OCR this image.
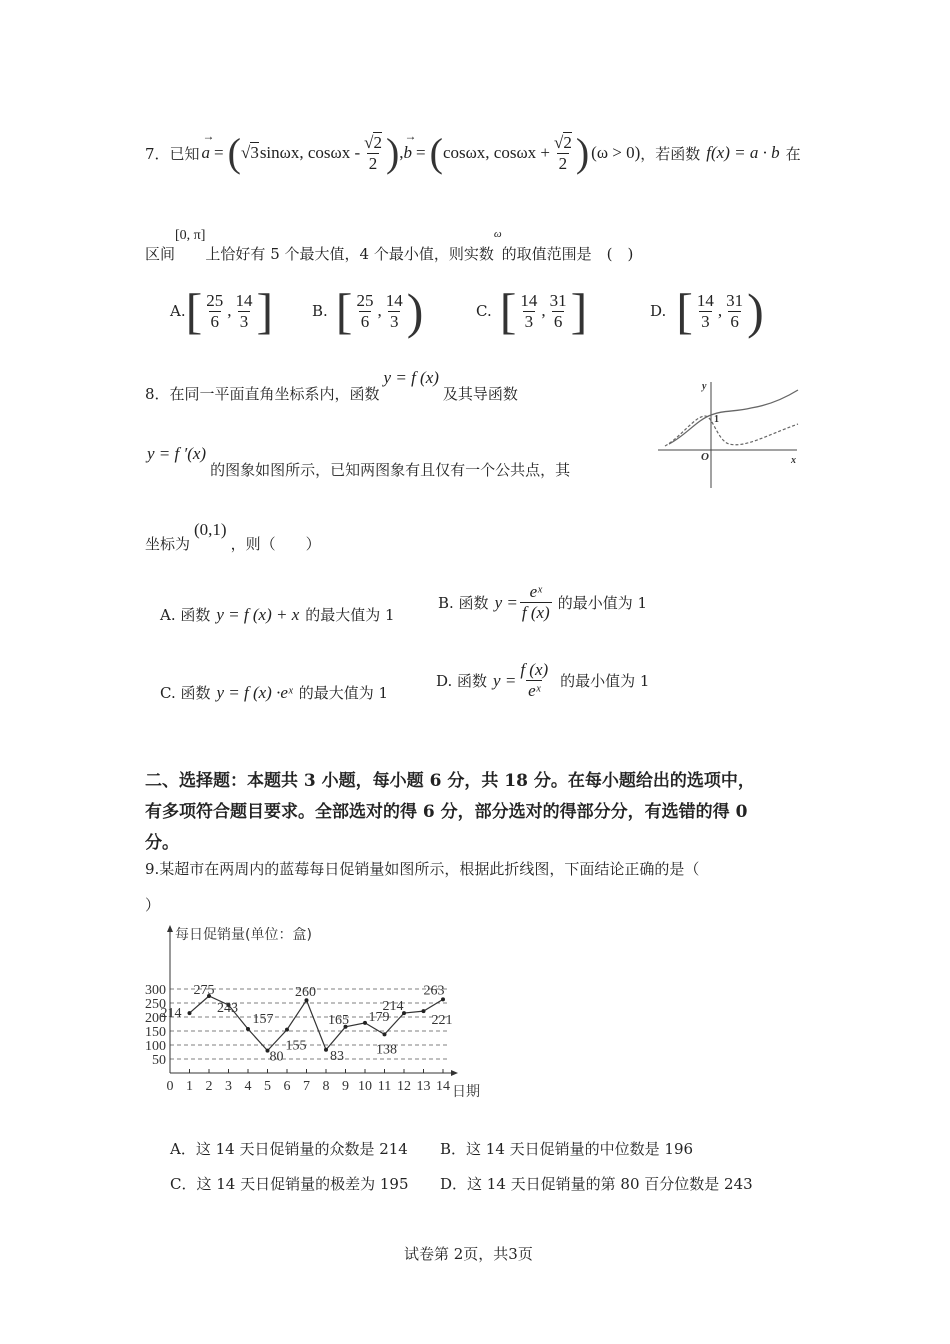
7．已知
→
a = ( √3 sinωx, cosωx - $\frac{√2}{2}$ ) ,
→
b = ( cosωx, $\cos\omega x + \frac{√2}{2}$ ) (ω > 0) ，若函数 f(x) = a · b 在
区间
[0, π]
上恰好有 5 个最大值，4 个最小值，则实数
ω
的取值范围是　(　)
A. [ $\frac{25}{6}$ , $\frac{14}{3}$ ]	B. [ $\frac{25}{6}$ , $\frac{14}{3}$ )	C. [ $\frac{14}{3}$ , $\frac{31}{6}$ ]	D. [ $\frac{14}{3}$ , $\frac{31}{6}$ )
8．在同一平面直角坐标系内，函数
y = f (x)
及其导函数
y = f ′(x)
的图象如图所示，已知两图象有且仅有一个公共点，其
坐标为
(0,1)
，则（　　）
y
x
O
1
A. 函数 y = f (x) + x 的最大值为 1
B. 函数 $y = \frac{\text{eˣ}}{f (x)}$ 的最小值为 1
C. 函数 y = f (x) ·eˣ 的最大值为 1
D. 函数 $y = \frac{f (x)}{\text{eˣ}}$ 的最小值为 1
二、选择题：本题共 3 小题，每小题 6 分，共 18 分。在每小题给出的选项中，
有多项符合题目要求。全部选对的得 6 分，部分选对的得部分分，有选错的得 0
分。
9.某超市在两周内的蓝莓每日促销量如图所示，根据此折线图，下面结论正确的是（
）
50
100
150
200
250
300
0 1 2 3 4 5 6 7 8 9 10 11 12 13 14
214
275
243
157
80
155
260
83
165 179
138
214
221
263
每日促销量(单位：盒)
日期
A．这 14 天日促销量的众数是 214 B．这 14 天日促销量的中位数是 196
C．这 14 天日促销量的极差为 195 D．这 14 天日促销量的第 80 百分位数是 243
试卷第 2页，共3页
